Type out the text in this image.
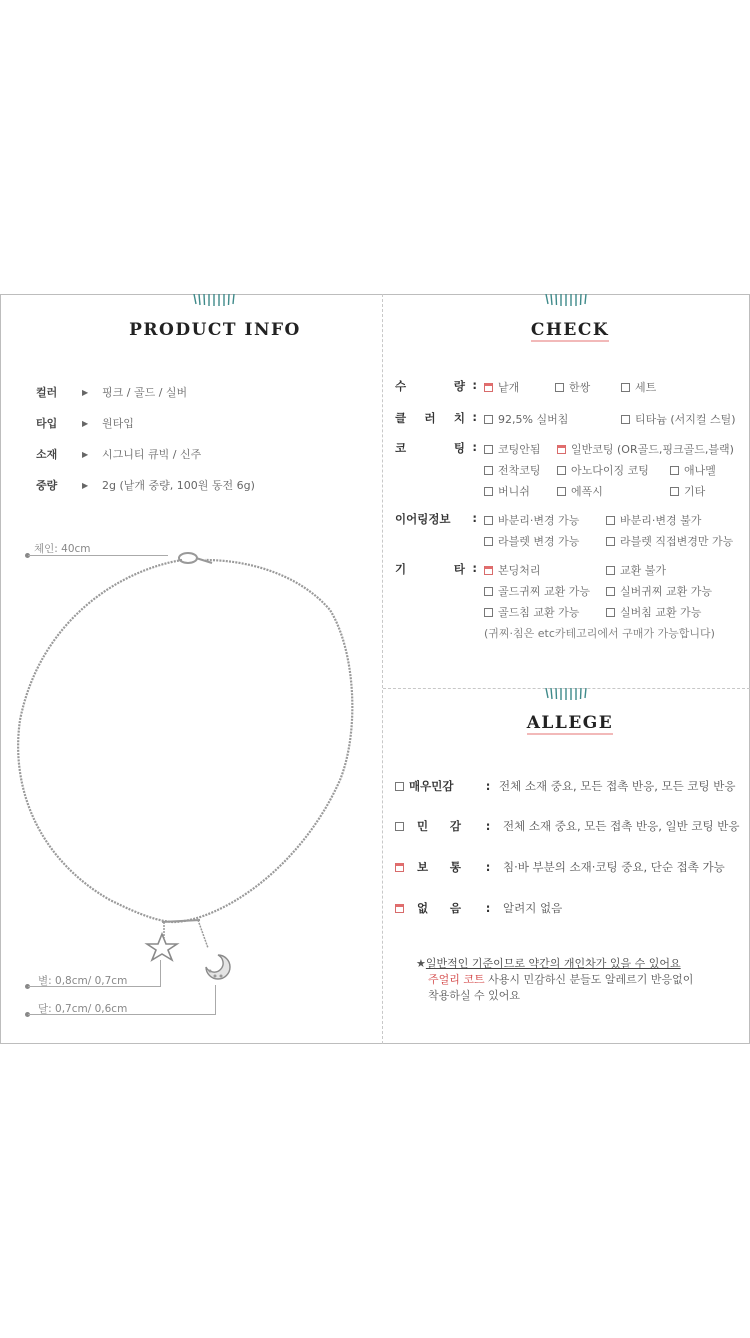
PRODUCT INFO
컬러	▶	핑크 / 골드 / 실버
타입	▶	원타입
소재	▶	시그니티 큐빅 / 신주
중량	▶	2g (낱개 중량, 100원 동전 6g)
체인: 40cm
별: 0,8cm/ 0,7cm
달: 0,7cm/ 0,6cm
CHECK
수	량 : 낱개	한쌍	세트
클 러 치 : 92,5% 실버침	티타늄 (서지컬 스틸)
코	팅 : 코팅안됨	일반코팅 (OR골드,핑크골드,블랙)
전착코팅	아노다이징 코팅	애나멜
버니쉬	에폭시	기타
이어링정보	: 바분리·변경 가능	바분리·변경 불가
라블렛 변경 가능	라블렛 직접변경만 가능
기	타 : 본딩처리	교환 불가
골드귀찌 교환 가능	실버귀찌 교환 가능
골드침 교환 가능	실버침 교환 가능
(귀찌·침은 etc카테고리에서 구매가 가능합니다)
ALLEGE
매우민감	: 전체 소재 중요, 모든 접촉 반응, 모든 코팅 반응
민 감	:	전체 소재 중요, 모든 접촉 반응, 일반 코팅 반응
보 통	:	침·바 부분의 소재·코팅 중요, 단순 접촉 가능
없 음	:	알려지 없음
★일반적인 기준이므로 약간의 개인차가 있을 수 있어요
주얼리 코트 사용시 민감하신 분들도 알레르기 반응없이
착용하실 수 있어요
